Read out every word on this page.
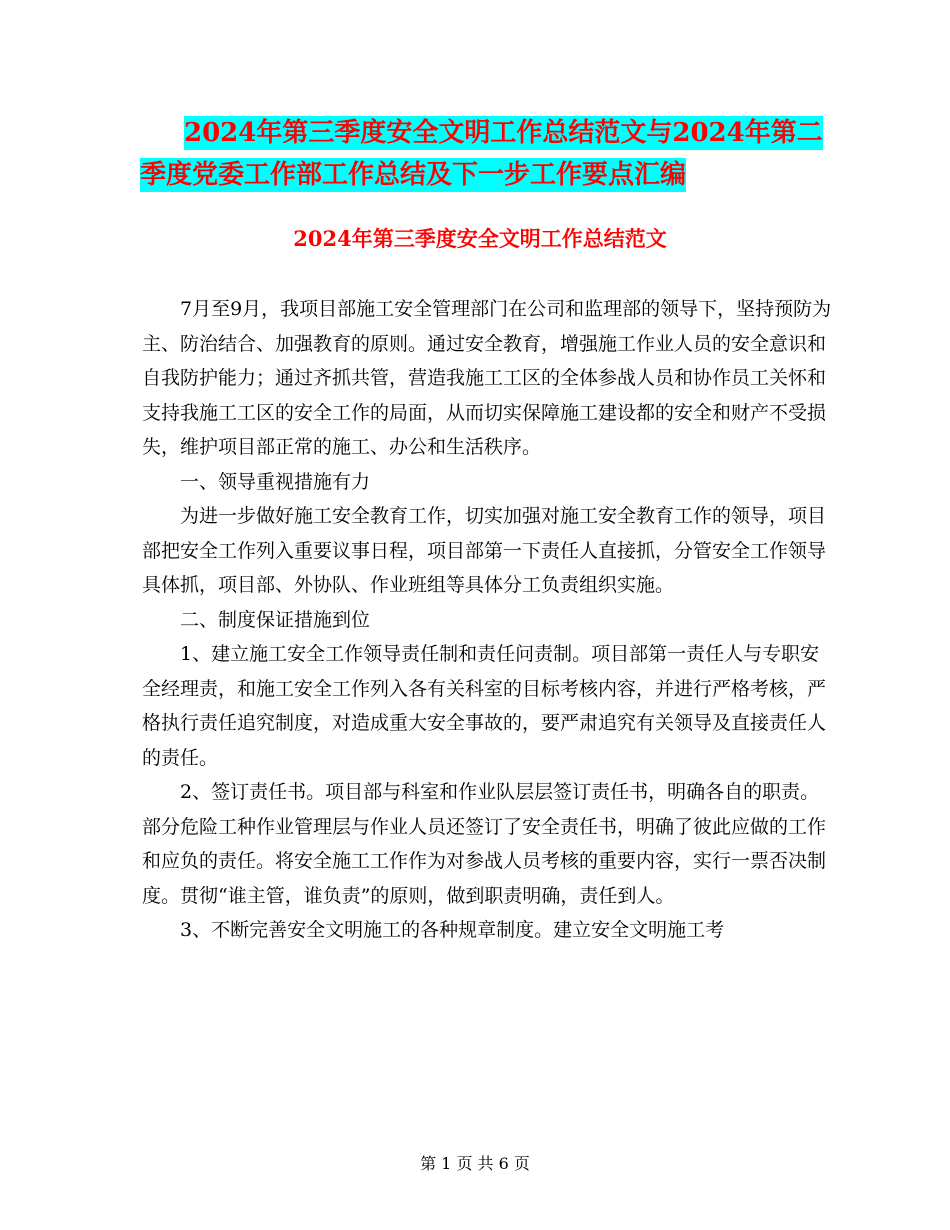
2024年第三季度安全文明工作总结范文与2024年第二
季度党委工作部工作总结及下一步工作要点汇编
2024年第三季度安全文明工作总结范文

7月至9月，我项目部施工安全管理部门在公司和监理部的领导下，坚持预防为主、防治结合、加强教育的原则。通过安全教育，增强施工作业人员的安全意识和自我防护能力；通过齐抓共管，营造我施工工区的全体参战人员和协作员工关怀和支持我施工工区的安全工作的局面，从而切实保障施工建设都的安全和财产不受损失，维护项目部正常的施工、办公和生活秩序。

一、领导重视措施有力

为进一步做好施工安全教育工作，切实加强对施工安全教育工作的领导，项目部把安全工作列入重要议事日程，项目部第一下责任人直接抓，分管安全工作领导具体抓，项目部、外协队、作业班组等具体分工负责组织实施。

二、制度保证措施到位

1、建立施工安全工作领导责任制和责任问责制。项目部第一责任人与专职安全经理责，和施工安全工作列入各有关科室的目标考核内容，并进行严格考核，严格执行责任追究制度，对造成重大安全事故的，要严肃追究有关领导及直接责任人的责任。

2、签订责任书。项目部与科室和作业队层层签订责任书，明确各自的职责。部分危险工种作业管理层与作业人员还签订了安全责任书，明确了彼此应做的工作和应负的责任。将安全施工工作作为对参战人员考核的重要内容，实行一票否决制度。贯彻“谁主管，谁负责”的原则，做到职责明确，责任到人。

3、不断完善安全文明施工的各种规章制度。建立安全文明施工考

第 1 页 共 6 页
